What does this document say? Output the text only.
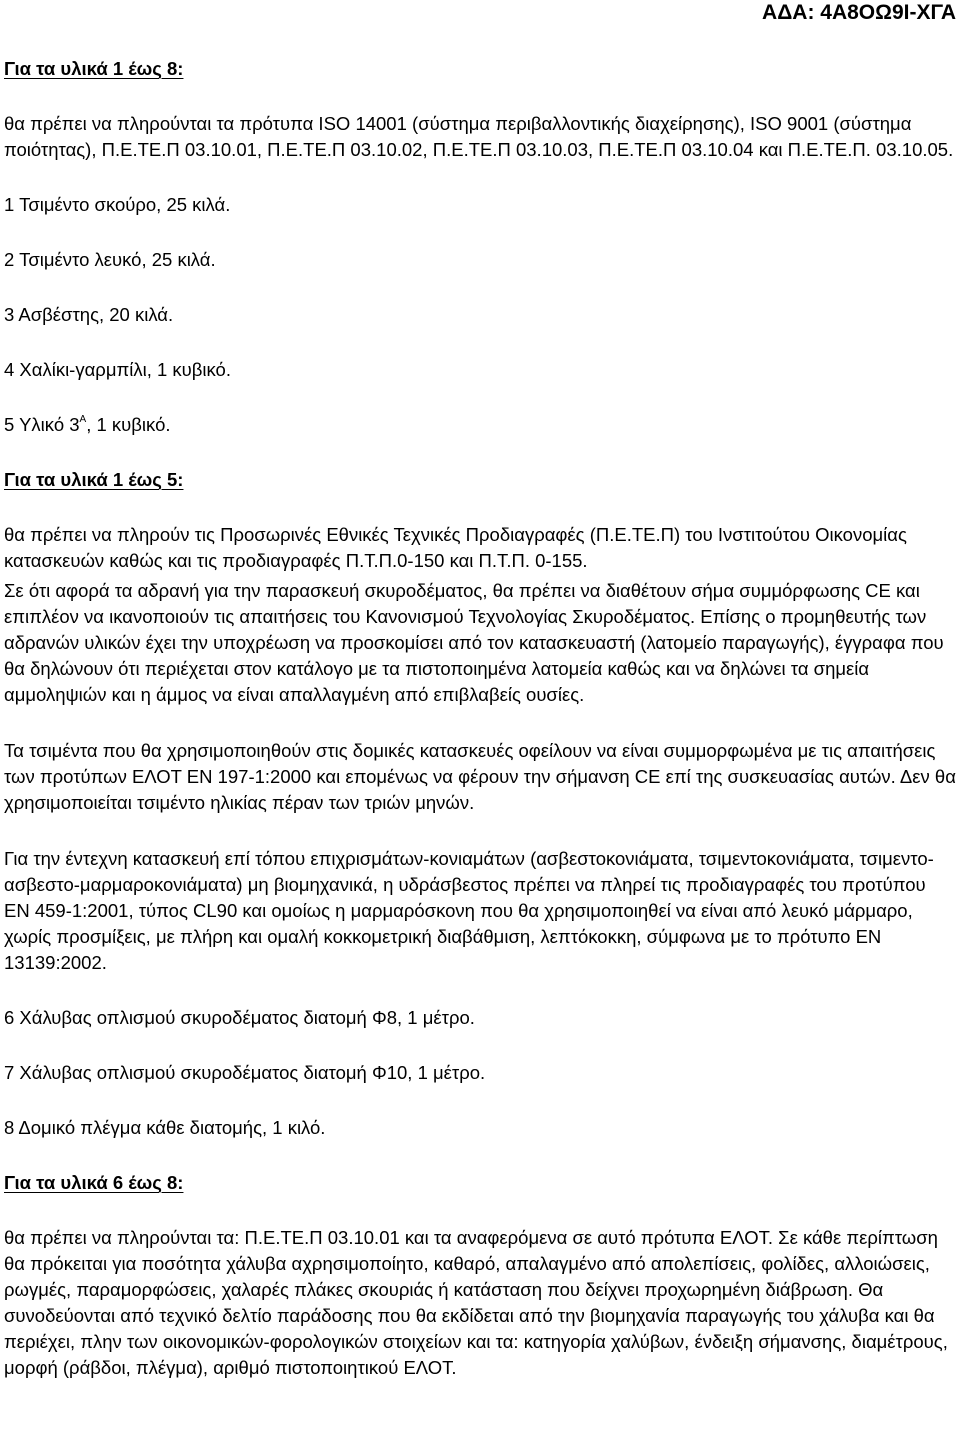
ΑΔΑ: 4Α8ΟΩ9Ι-ΧΓΑ

Για τα υλικά 1 έως 8:

θα πρέπει να πληρούνται τα πρότυπα ISO 14001 (σύστημα περιβαλλοντικής διαχείρησης), ISO 9001 (σύστημα ποιότητας), Π.Ε.ΤΕ.Π 03.10.01, Π.Ε.ΤΕ.Π 03.10.02, Π.Ε.ΤΕ.Π 03.10.03, Π.Ε.ΤΕ.Π 03.10.04 και Π.Ε.ΤΕ.Π. 03.10.05.

1 Τσιμέντο σκούρο, 25 κιλά.

2 Τσιμέντο λευκό, 25 κιλά.

3 Ασβέστης, 20 κιλά.

4 Χαλίκι-γαρμπίλι, 1 κυβικό.

5 Υλικό $3^A$, 1 κυβικό.

Για τα υλικά 1 έως 5:

θα πρέπει να πληρούν τις Προσωρινές Εθνικές Τεχνικές Προδιαγραφές (Π.Ε.ΤΕ.Π) του Ινστιτούτου Οικονομίας κατασκευών καθώς και τις προδιαγραφές Π.Τ.Π.0-150 και Π.Τ.Π. 0-155.

Σε ότι αφορά τα αδρανή για την παρασκευή σκυροδέματος, θα πρέπει να διαθέτουν σήμα συμμόρφωσης CE και επιπλέον να ικανοποιούν τις απαιτήσεις του Κανονισμού Τεχνολογίας Σκυροδέματος. Επίσης ο προμηθευτής των αδρανών υλικών έχει την υποχρέωση να προσκομίσει από τον κατασκευαστή (λατομείο παραγωγής), έγγραφα που θα δηλώνουν ότι περιέχεται στον κατάλογο με τα πιστοποιημένα λατομεία καθώς και να δηλώνει τα σημεία αμμοληψιών και η άμμος να είναι απαλλαγμένη από επιβλαβείς ουσίες.

Τα τσιμέντα που θα χρησιμοποιηθούν στις δομικές κατασκευές οφείλουν να είναι συμμορφωμένα με τις απαιτήσεις των προτύπων ΕΛΟΤ EN 197-1:2000 και επομένως να φέρουν την σήμανση CE επί της συσκευασίας αυτών. Δεν θα χρησιμοποιείται τσιμέντο ηλικίας πέραν των τριών μηνών.

Για την έντεχνη κατασκευή επί τόπου επιχρισμάτων-κονιαμάτων (ασβεστοκονιάματα, τσιμεντοκονιάματα, τσιμεντο-ασβεστο-μαρμαροκονιάματα) μη βιομηχανικά, η υδράσβεστος πρέπει να πληρεί τις προδιαγραφές του προτύπου EN 459-1:2001, τύπος CL90 και ομοίως η μαρμαρόσκονη που θα χρησιμοποιηθεί να είναι από λευκό μάρμαρο, χωρίς προσμίξεις, με πλήρη και ομαλή κοκκομετρική διαβάθμιση, λεπτόκοκκη, σύμφωνα με το πρότυπο EN 13139:2002.

6 Χάλυβας οπλισμού σκυροδέματος διατομή Φ8, 1 μέτρο.

7 Χάλυβας οπλισμού σκυροδέματος διατομή Φ10, 1 μέτρο.

8 Δομικό πλέγμα κάθε διατομής, 1 κιλό.

Για τα υλικά 6 έως 8:

θα πρέπει να πληρούνται τα: Π.Ε.ΤΕ.Π 03.10.01 και τα αναφερόμενα σε αυτό πρότυπα ΕΛΟΤ. Σε κάθε περίπτωση θα πρόκειται για ποσότητα χάλυβα αχρησιμοποίητο, καθαρό, απαλαγμένο από απολεπίσεις, φολίδες, αλλοιώσεις, ρωγμές, παραμορφώσεις, χαλαρές πλάκες σκουριάς ή κατάσταση που δείχνει προχωρημένη διάβρωση. Θα συνοδεύονται από τεχνικό δελτίο παράδοσης που θα εκδίδεται από την βιομηχανία παραγωγής του χάλυβα και θα περιέχει, πλην των οικονομικών-φορολογικών στοιχείων και τα: κατηγορία χαλύβων, ένδειξη σήμανσης, διαμέτρους, μορφή (ράβδοι, πλέγμα), αριθμό πιστοποιητικού ΕΛΟΤ.
